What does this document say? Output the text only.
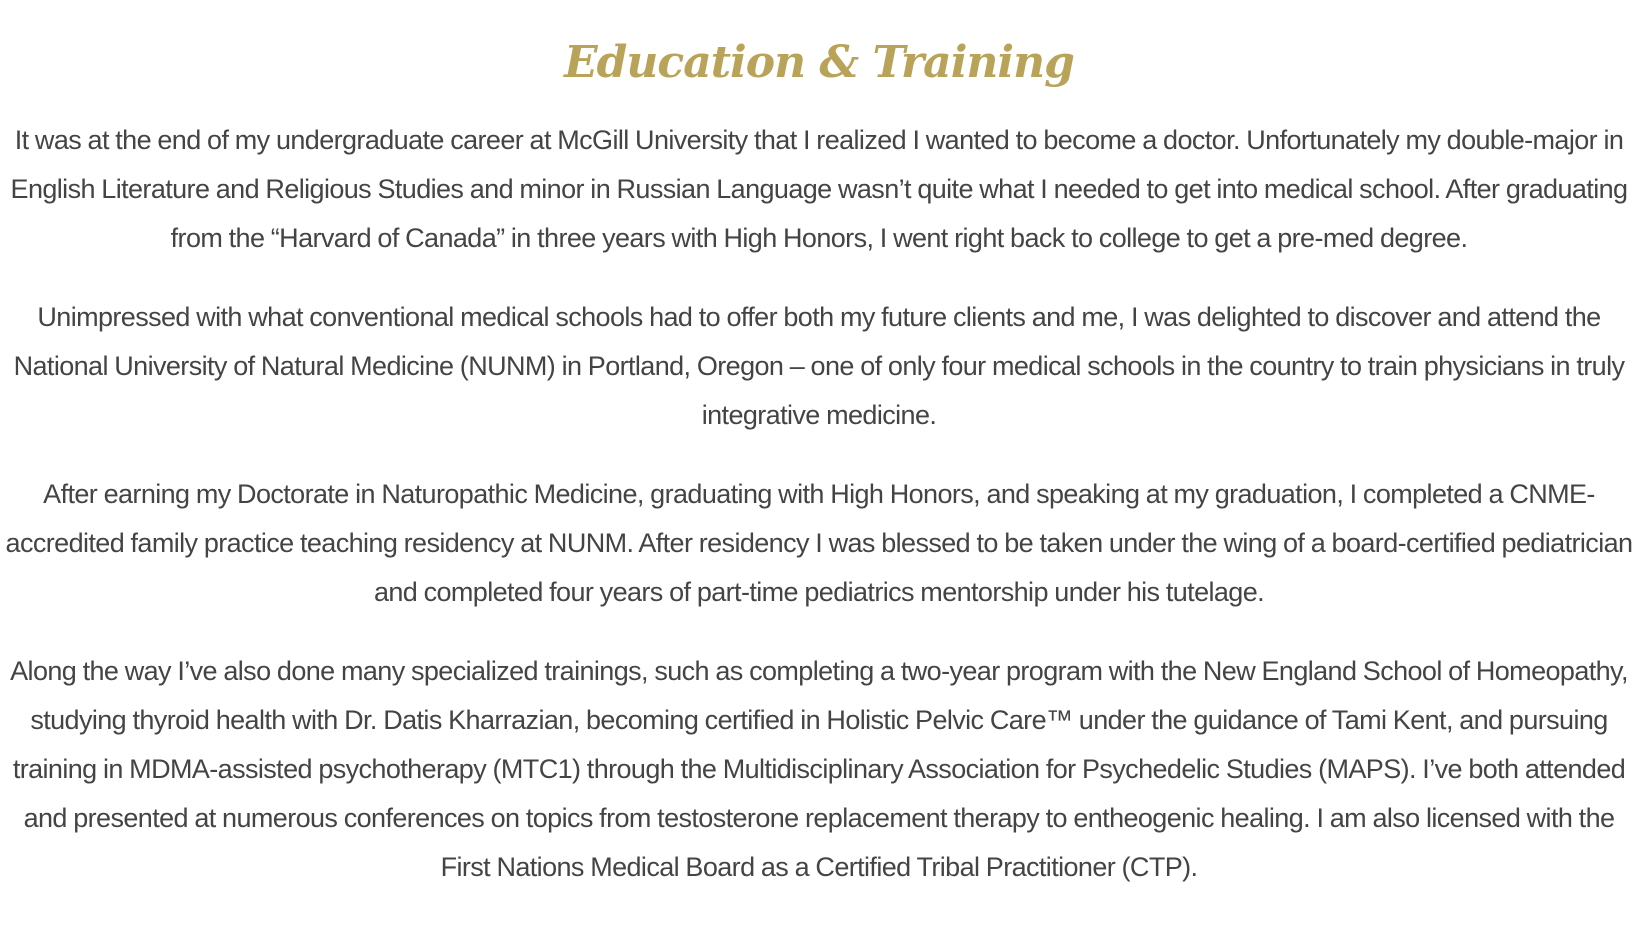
Education & Training

It was at the end of my undergraduate career at McGill University that I realized I wanted to become a doctor. Unfortunately my double-major in English Literature and Religious Studies and minor in Russian Language wasn’t quite what I needed to get into medical school. After graduating from the “Harvard of Canada” in three years with High Honors, I went right back to college to get a pre-med degree.

Unimpressed with what conventional medical schools had to offer both my future clients and me, I was delighted to discover and attend the National University of Natural Medicine (NUNM) in Portland, Oregon – one of only four medical schools in the country to train physicians in truly integrative medicine.

After earning my Doctorate in Naturopathic Medicine, graduating with High Honors, and speaking at my graduation, I completed a CNME-accredited family practice teaching residency at NUNM. After residency I was blessed to be taken under the wing of a board-certified pediatrician and completed four years of part-time pediatrics mentorship under his tutelage.

Along the way I’ve also done many specialized trainings, such as completing a two-year program with the New England School of Homeopathy, studying thyroid health with Dr. Datis Kharrazian, becoming certified in Holistic Pelvic Care™ under the guidance of Tami Kent, and pursuing training in MDMA-assisted psychotherapy (MTC1) through the Multidisciplinary Association for Psychedelic Studies (MAPS). I’ve both attended and presented at numerous conferences on topics from testosterone replacement therapy to entheogenic healing. I am also licensed with the First Nations Medical Board as a Certified Tribal Practitioner (CTP).
